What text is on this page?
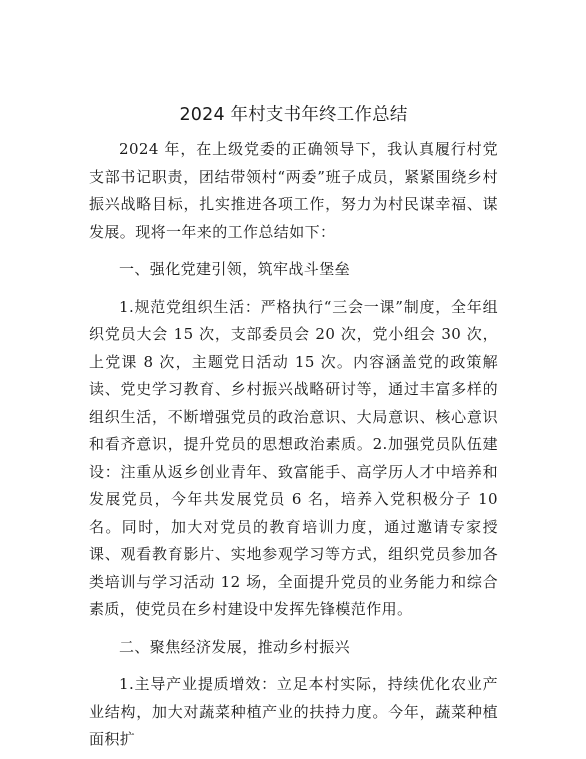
2024 年村支书年终工作总结

2024 年，在上级党委的正确领导下，我认真履行村党支部书记职责，团结带领村“两委”班子成员，紧紧围绕乡村振兴战略目标，扎实推进各项工作，努力为村民谋幸福、谋发展。现将一年来的工作总结如下：

一、强化党建引领，筑牢战斗堡垒

1.规范党组织生活：严格执行“三会一课”制度，全年组织党员大会 15 次，支部委员会 20 次，党小组会 30 次，上党课 8 次，主题党日活动 15 次。内容涵盖党的政策解读、党史学习教育、乡村振兴战略研讨等，通过丰富多样的组织生活，不断增强党员的政治意识、大局意识、核心意识和看齐意识，提升党员的思想政治素质。2.加强党员队伍建设：注重从返乡创业青年、致富能手、高学历人才中培养和发展党员，今年共发展党员 6 名，培养入党积极分子 10 名。同时，加大对党员的教育培训力度，通过邀请专家授课、观看教育影片、实地参观学习等方式，组织党员参加各类培训与学习活动 12 场，全面提升党员的业务能力和综合素质，使党员在乡村建设中发挥先锋模范作用。

二、聚焦经济发展，推动乡村振兴

1.主导产业提质增效：立足本村实际，持续优化农业产业结构，加大对蔬菜种植产业的扶持力度。今年，蔬菜种植面积扩
